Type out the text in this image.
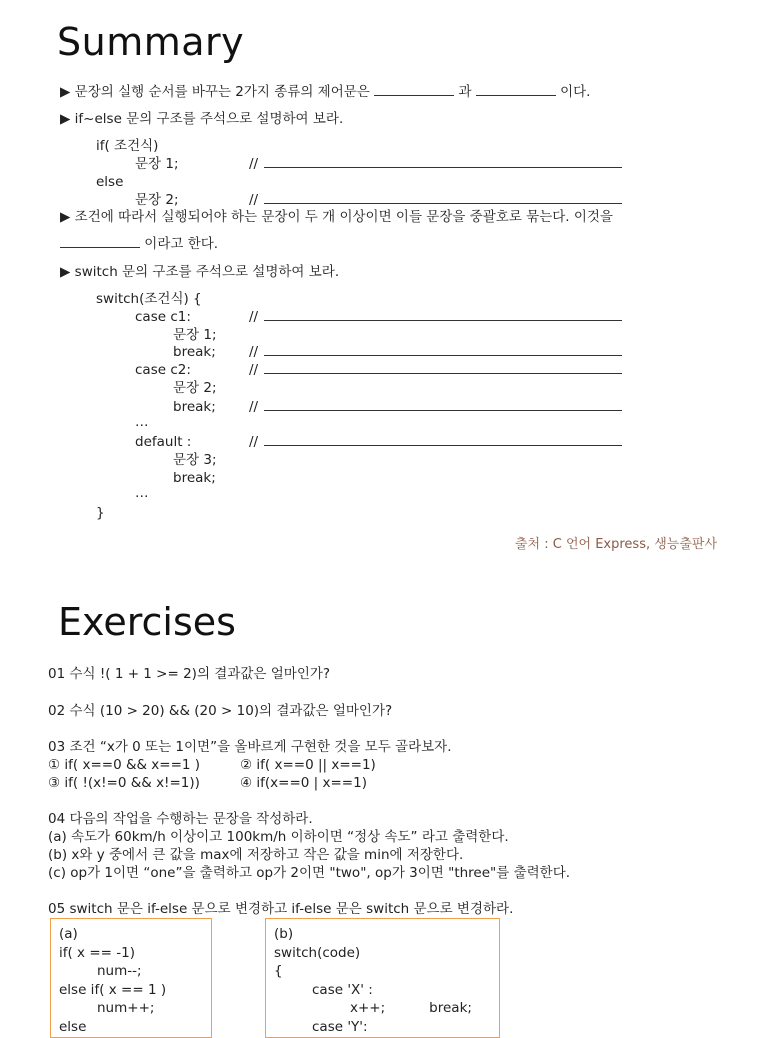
Summary
▶ 문장의 실행 순서를 바꾸는 2가지 종류의 제어문은	과	이다.
▶ if~else 문의 구조를 주석으로 설명하여 보라.
if( 조건식)
문장 1;	//
else
문장 2;	//
▶ 조건에 따라서 실행되어야 하는 문장이 두 개 이상이면 이들 문장을 중괄호로 묶는다. 이것을
이라고 한다.
▶ switch 문의 구조를 주석으로 설명하여 보라.
switch(조건식) {
case c1:	//
문장 1;
break; //
case c2:	//
문장 2;
break; //
…
default :	//
문장 3;
break;
…
}
출처 : C 언어 Express, 생능출판사
Exercises
01 수식 !( 1 + 1 >= 2)의 결과값은 얼마인가?
02 수식 (10 > 20) && (20 > 10)의 결과값은 얼마인가?
03 조건 “x가 0 또는 1이면”을 올바르게 구현한 것을 모두 골라보자.
① if( x==0 && x==1 )	② if( x==0 || x==1)
③ if( !(x!=0 && x!=1))	④ if(x==0 | x==1)
04 다음의 작업을 수행하는 문장을 작성하라.
(a) 속도가 60km/h 이상이고 100km/h 이하이면 “정상 속도” 라고 출력한다.
(b) x와 y 중에서 큰 값을 max에 저장하고 작은 값을 min에 저장한다.
(c) op가 1이면 “one”을 출력하고 op가 2이면 "two", op가 3이면 "three"를 출력한다.
05 switch 문은 if-else 문으로 변경하고 if-else 문은 switch 문으로 변경하라.
(a)
if( x == -1)
num--;
else if( x == 1 )
num++;
else
(b)
switch(code)
{
case 'X' :
x++;	break;
case 'Y':
